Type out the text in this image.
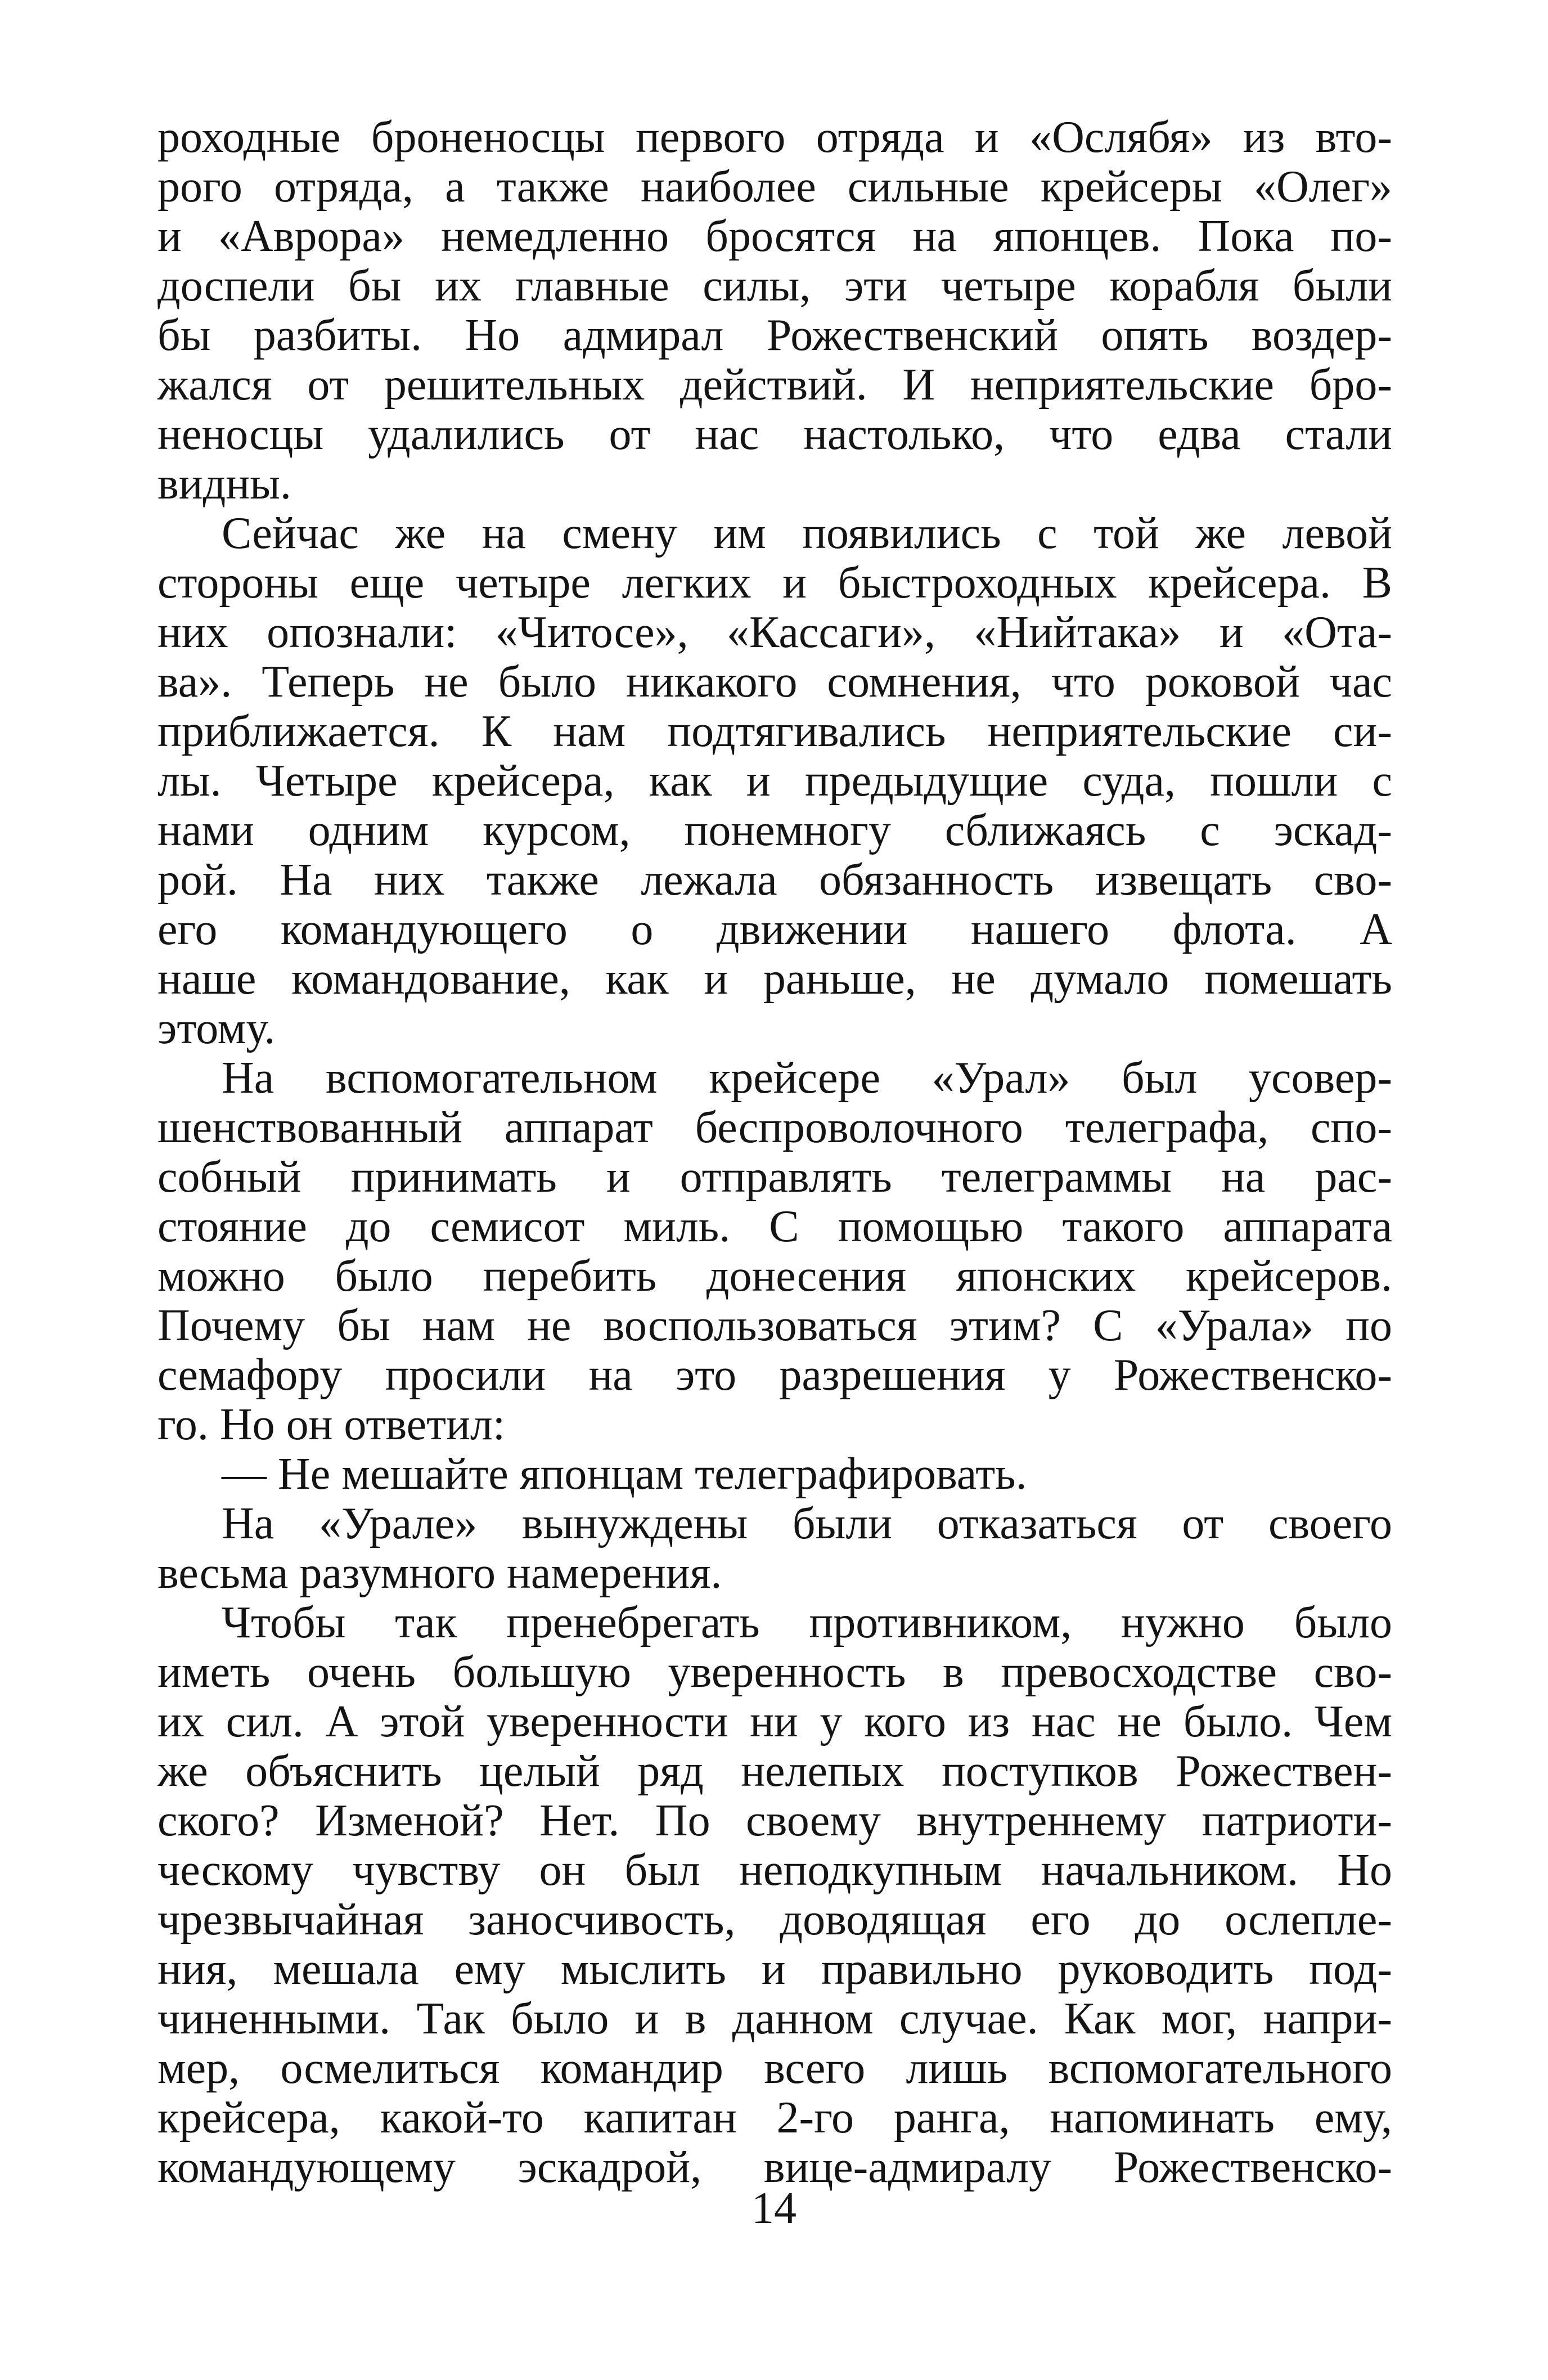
роходные броненосцы первого отряда и «Ослябя» из вто-
рого отряда, а также наиболее сильные крейсеры «Олег»
и «Аврора» немедленно бросятся на японцев. Пока по-
доспели бы их главные силы, эти четыре корабля были
бы разбиты. Но адмирал Рожественский опять воздер-
жался от решительных действий. И неприятельские бро-
неносцы удалились от нас настолько, что едва стали
видны.
Сейчас же на смену им появились с той же левой
стороны еще четыре легких и быстроходных крейсера. В
них опознали: «Читосе», «Кассаги», «Нийтака» и «Ота-
ва». Теперь не было никакого сомнения, что роковой час
приближается. К нам подтягивались неприятельские си-
лы. Четыре крейсера, как и предыдущие суда, пошли с
нами одним курсом, понемногу сближаясь с эскад-
рой. На них также лежала обязанность извещать сво-
его командующего о движении нашего флота. А
наше командование, как и раньше, не думало помешать
этому.
На вспомогательном крейсере «Урал» был усовер-
шенствованный аппарат беспроволочного телеграфа, спо-
собный принимать и отправлять телеграммы на рас-
стояние до семисот миль. С помощью такого аппарата
можно было перебить донесения японских крейсеров.
Почему бы нам не воспользоваться этим? С «Урала» по
семафору просили на это разрешения у Рожественско-
го. Но он ответил:
— Не мешайте японцам телеграфировать.
На «Урале» вынуждены были отказаться от своего
весьма разумного намерения.
Чтобы так пренебрегать противником, нужно было
иметь очень большую уверенность в превосходстве сво-
их сил. А этой уверенности ни у кого из нас не было. Чем
же объяснить целый ряд нелепых поступков Рожествен-
ского? Изменой? Нет. По своему внутреннему патриоти-
ческому чувству он был неподкупным начальником. Но
чрезвычайная заносчивость, доводящая его до ослепле-
ния, мешала ему мыслить и правильно руководить под-
чиненными. Так было и в данном случае. Как мог, напри-
мер, осмелиться командир всего лишь вспомогательного
крейсера, какой-то капитан 2-го ранга, напоминать ему,
командующему эскадрой, вице-адмиралу Рожественско-
14
